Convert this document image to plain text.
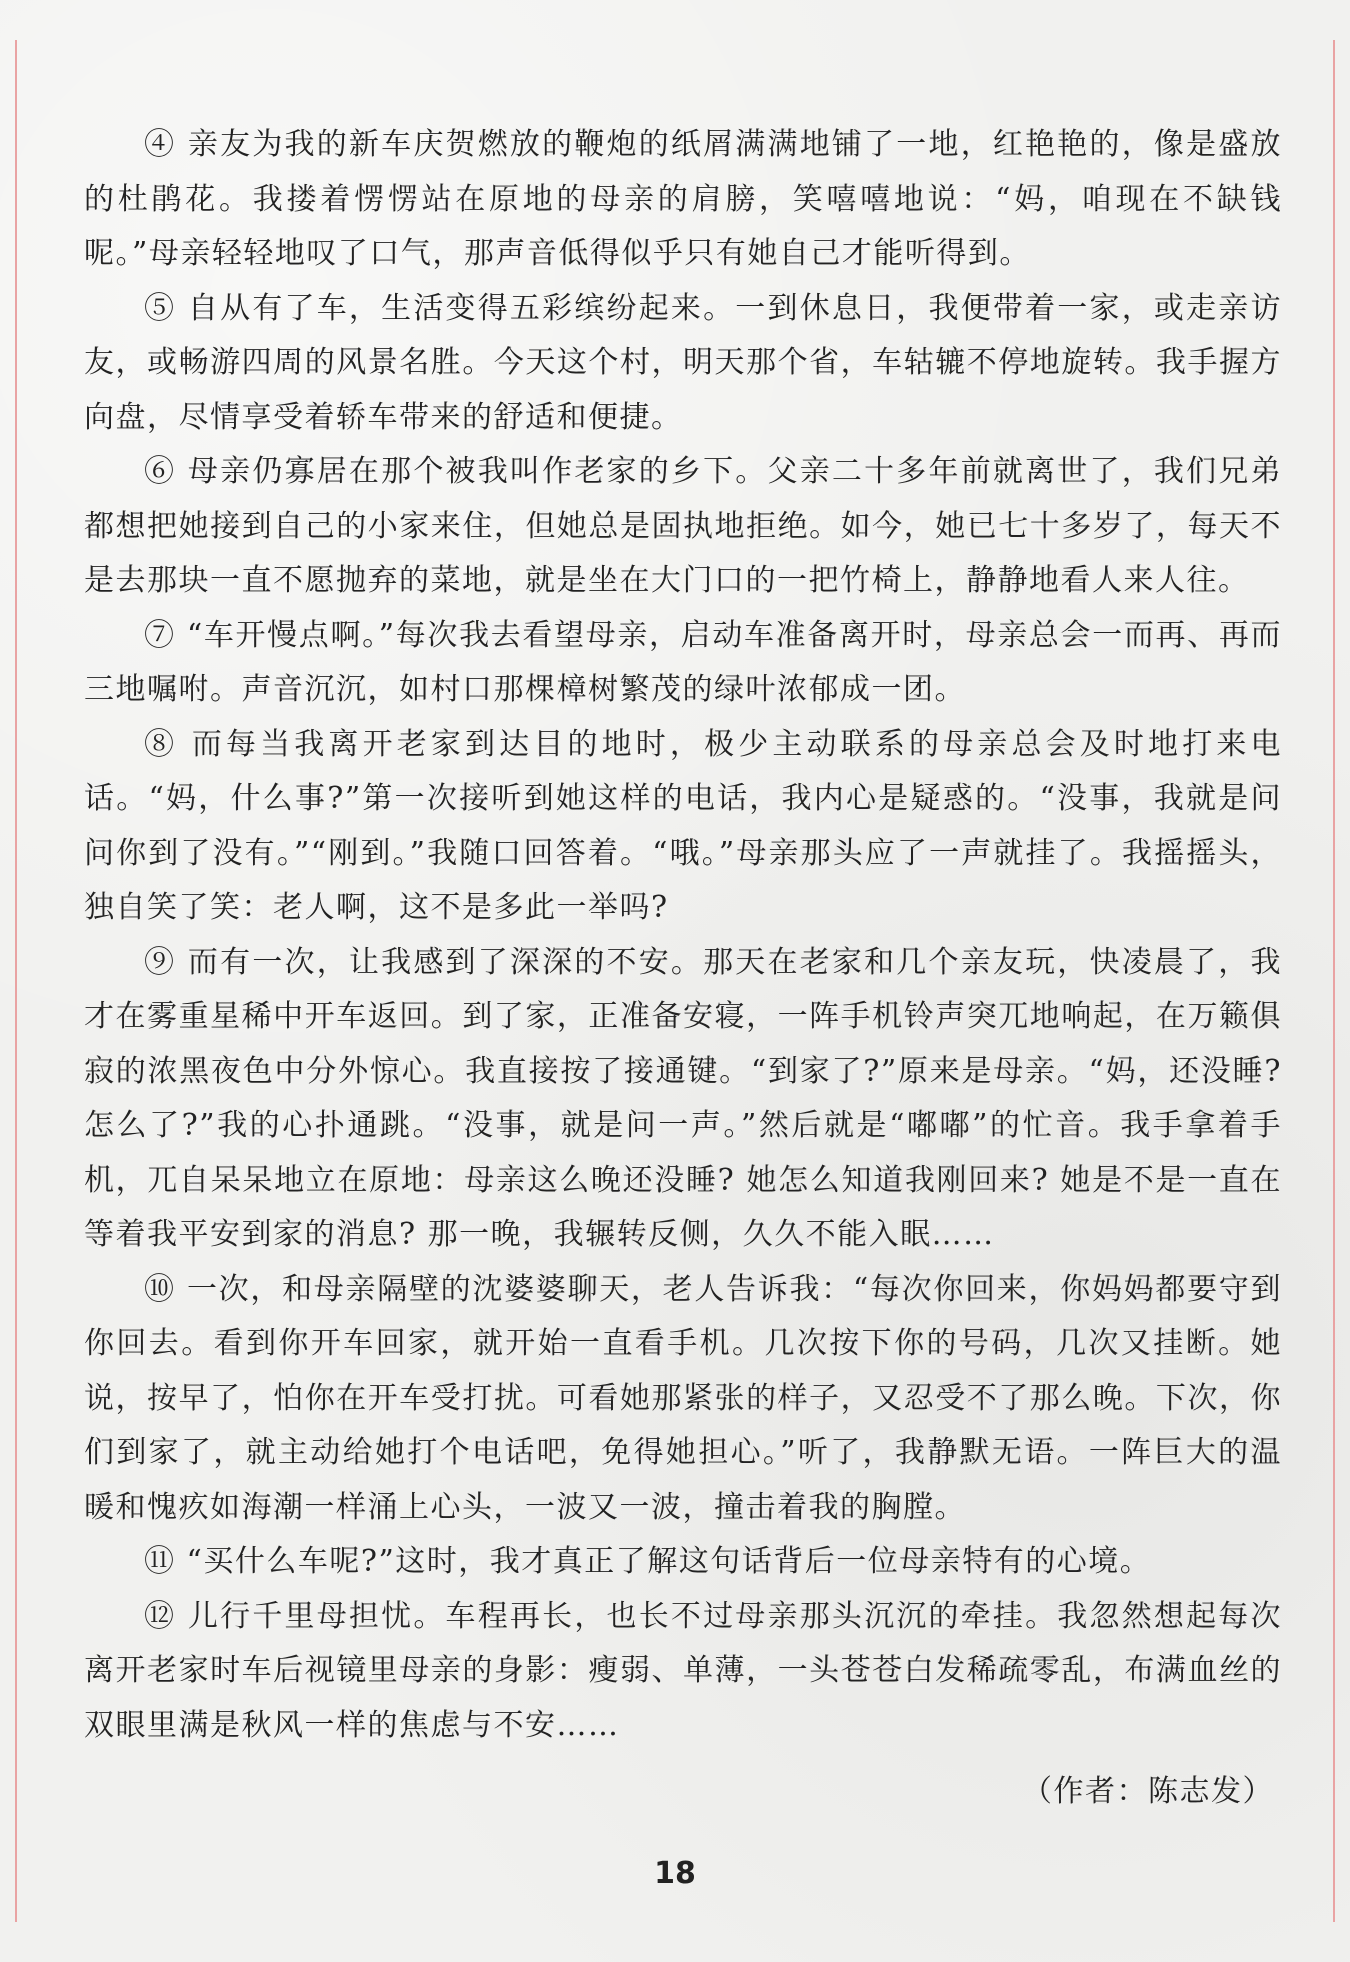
④ 亲友为我的新车庆贺燃放的鞭炮的纸屑满满地铺了一地，红艳艳的，像是盛放的杜鹃花。我搂着愣愣站在原地的母亲的肩膀，笑嘻嘻地说：“妈，咱现在不缺钱呢。”母亲轻轻地叹了口气，那声音低得似乎只有她自己才能听得到。

⑤ 自从有了车，生活变得五彩缤纷起来。一到休息日，我便带着一家，或走亲访友，或畅游四周的风景名胜。今天这个村，明天那个省，车轱辘不停地旋转。我手握方向盘，尽情享受着轿车带来的舒适和便捷。

⑥ 母亲仍寡居在那个被我叫作老家的乡下。父亲二十多年前就离世了，我们兄弟都想把她接到自己的小家来住，但她总是固执地拒绝。如今，她已七十多岁了，每天不是去那块一直不愿抛弃的菜地，就是坐在大门口的一把竹椅上，静静地看人来人往。

⑦ “车开慢点啊。”每次我去看望母亲，启动车准备离开时，母亲总会一而再、再而三地嘱咐。声音沉沉，如村口那棵樟树繁茂的绿叶浓郁成一团。

⑧ 而每当我离开老家到达目的地时，极少主动联系的母亲总会及时地打来电话。“妈，什么事?”第一次接听到她这样的电话，我内心是疑惑的。“没事，我就是问问你到了没有。”“刚到。”我随口回答着。“哦。”母亲那头应了一声就挂了。我摇摇头，独自笑了笑：老人啊，这不是多此一举吗?

⑨ 而有一次，让我感到了深深的不安。那天在老家和几个亲友玩，快凌晨了，我才在雾重星稀中开车返回。到了家，正准备安寝，一阵手机铃声突兀地响起，在万籁俱寂的浓黑夜色中分外惊心。我直接按了接通键。“到家了?”原来是母亲。“妈，还没睡?怎么了?”我的心扑通跳。“没事，就是问一声。”然后就是“嘟嘟”的忙音。我手拿着手机，兀自呆呆地立在原地：母亲这么晚还没睡? 她怎么知道我刚回来? 她是不是一直在等着我平安到家的消息? 那一晚，我辗转反侧，久久不能入眠……

⑩ 一次，和母亲隔壁的沈婆婆聊天，老人告诉我：“每次你回来，你妈妈都要守到你回去。看到你开车回家，就开始一直看手机。几次按下你的号码，几次又挂断。她说，按早了，怕你在开车受打扰。可看她那紧张的样子，又忍受不了那么晚。下次，你们到家了，就主动给她打个电话吧，免得她担心。”听了，我静默无语。一阵巨大的温暖和愧疚如海潮一样涌上心头，一波又一波，撞击着我的胸膛。

⑪ “买什么车呢?”这时，我才真正了解这句话背后一位母亲特有的心境。

⑫ 儿行千里母担忧。车程再长，也长不过母亲那头沉沉的牵挂。我忽然想起每次离开老家时车后视镜里母亲的身影：瘦弱、单薄，一头苍苍白发稀疏零乱，布满血丝的双眼里满是秋风一样的焦虑与不安……

（作者：陈志发）

18
